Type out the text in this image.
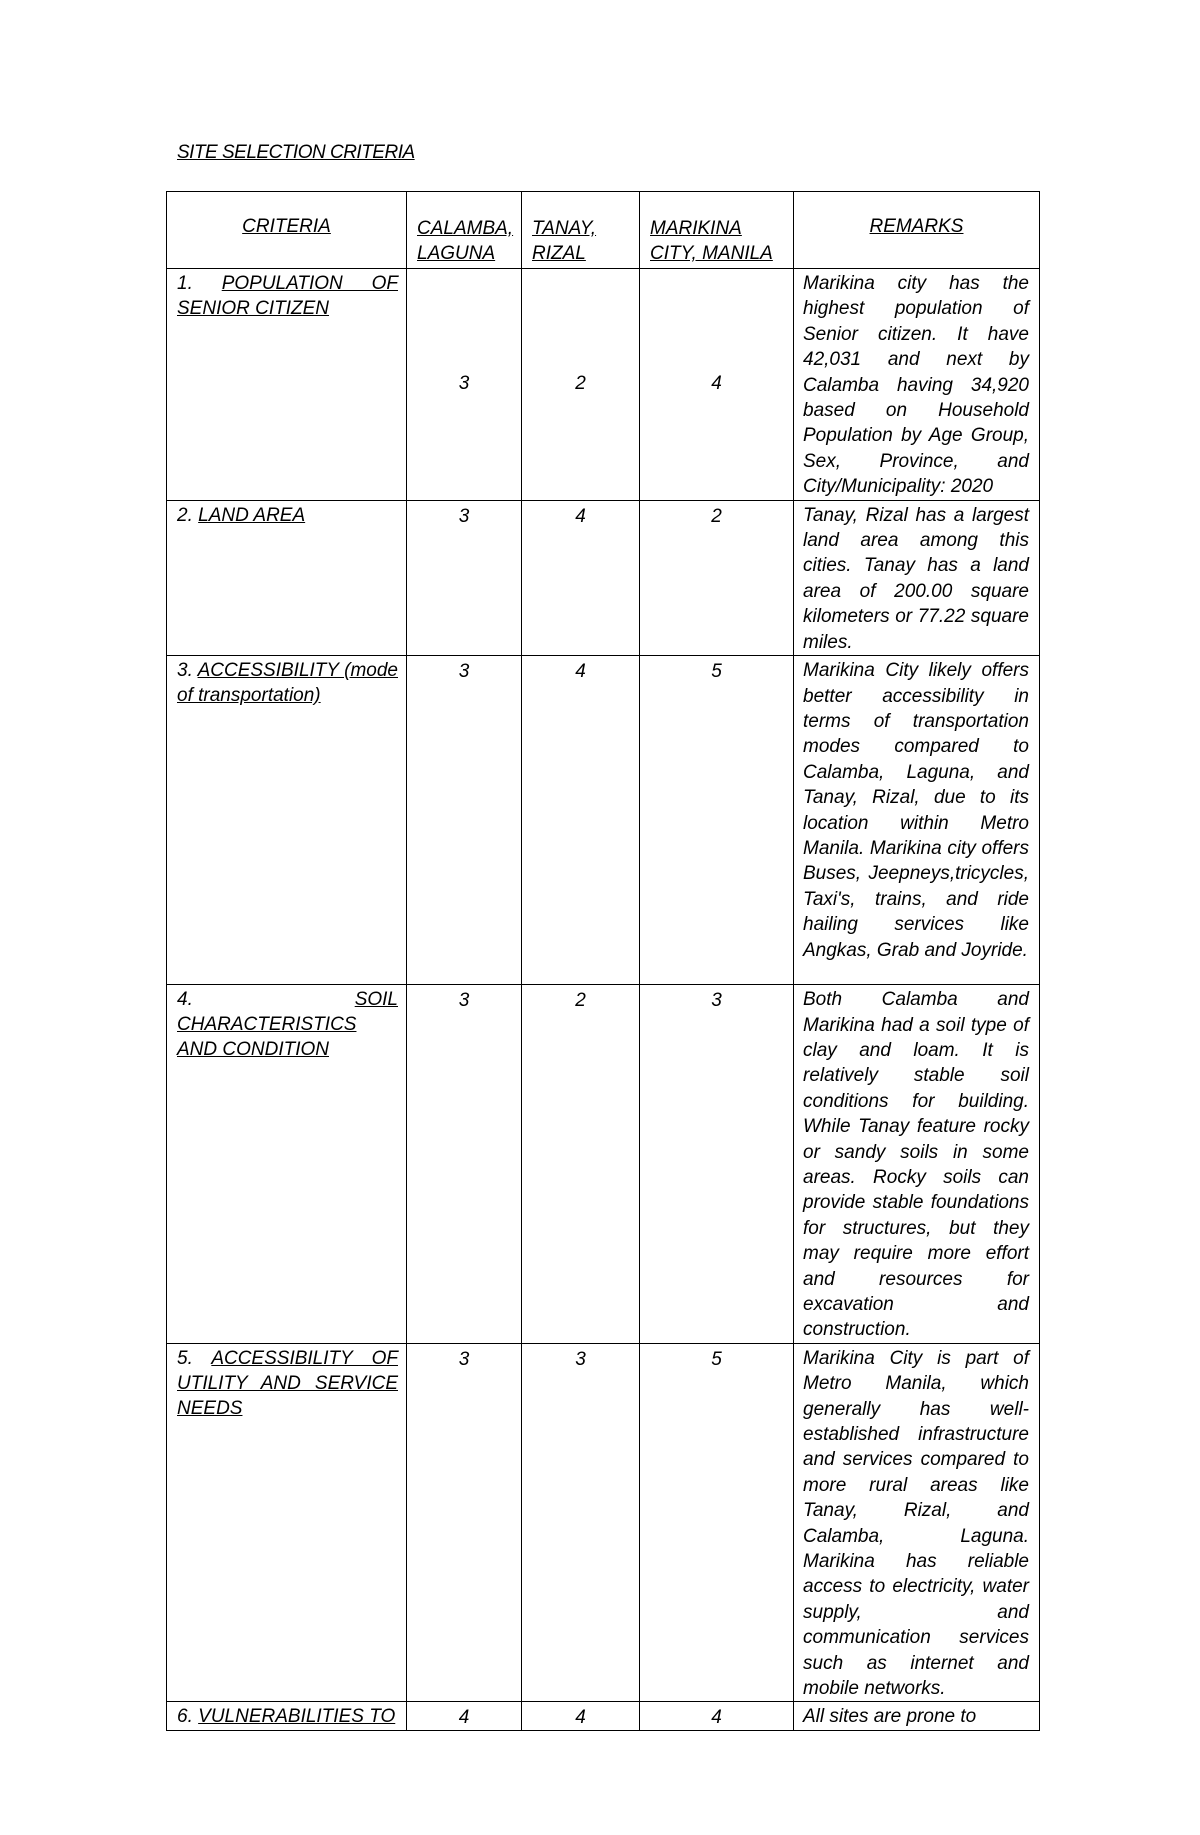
SITE SELECTION CRITERIA
CRITERIA	CALAMBA, LAGUNA	TANAY, RIZAL	MARIKINA CITY, MANILA	REMARKS
1. POPULATION OF SENIOR CITIZEN	3	2	4	Marikina city has the highest population of Senior citizen. It have 42,031 and next by Calamba having 34,920 based on Household Population by Age Group, Sex, Province, and City/Municipality: 2020
2. LAND AREA	3	4	2	Tanay, Rizal has a largest land area among this cities. Tanay has a land area of 200.00 square kilometers or 77.22 square miles.
3. ACCESSIBILITY (mode of transportation)	3	4	5	Marikina City likely offers better accessibility in terms of transportation modes compared to Calamba, Laguna, and Tanay, Rizal, due to its location within Metro Manila. Marikina city offers Buses, Jeepneys,tricycles, Taxi's, trains, and ride hailing services like Angkas, Grab and Joyride.
4. SOIL CHARACTERISTICS AND CONDITION	3	2	3	Both Calamba and Marikina had a soil type of clay and loam. It is relatively stable soil conditions for building. While Tanay feature rocky or sandy soils in some areas. Rocky soils can provide stable foundations for structures, but they may require more effort and resources for excavation and construction.
5. ACCESSIBILITY OF UTILITY AND SERVICE NEEDS	3	3	5	Marikina City is part of Metro Manila, which generally has well-established infrastructure and services compared to more rural areas like Tanay, Rizal, and Calamba, Laguna. Marikina has reliable access to electricity, water supply, and communication services such as internet and mobile networks.
6. VULNERABILITIES TO	4	4	4	All sites are prone to
